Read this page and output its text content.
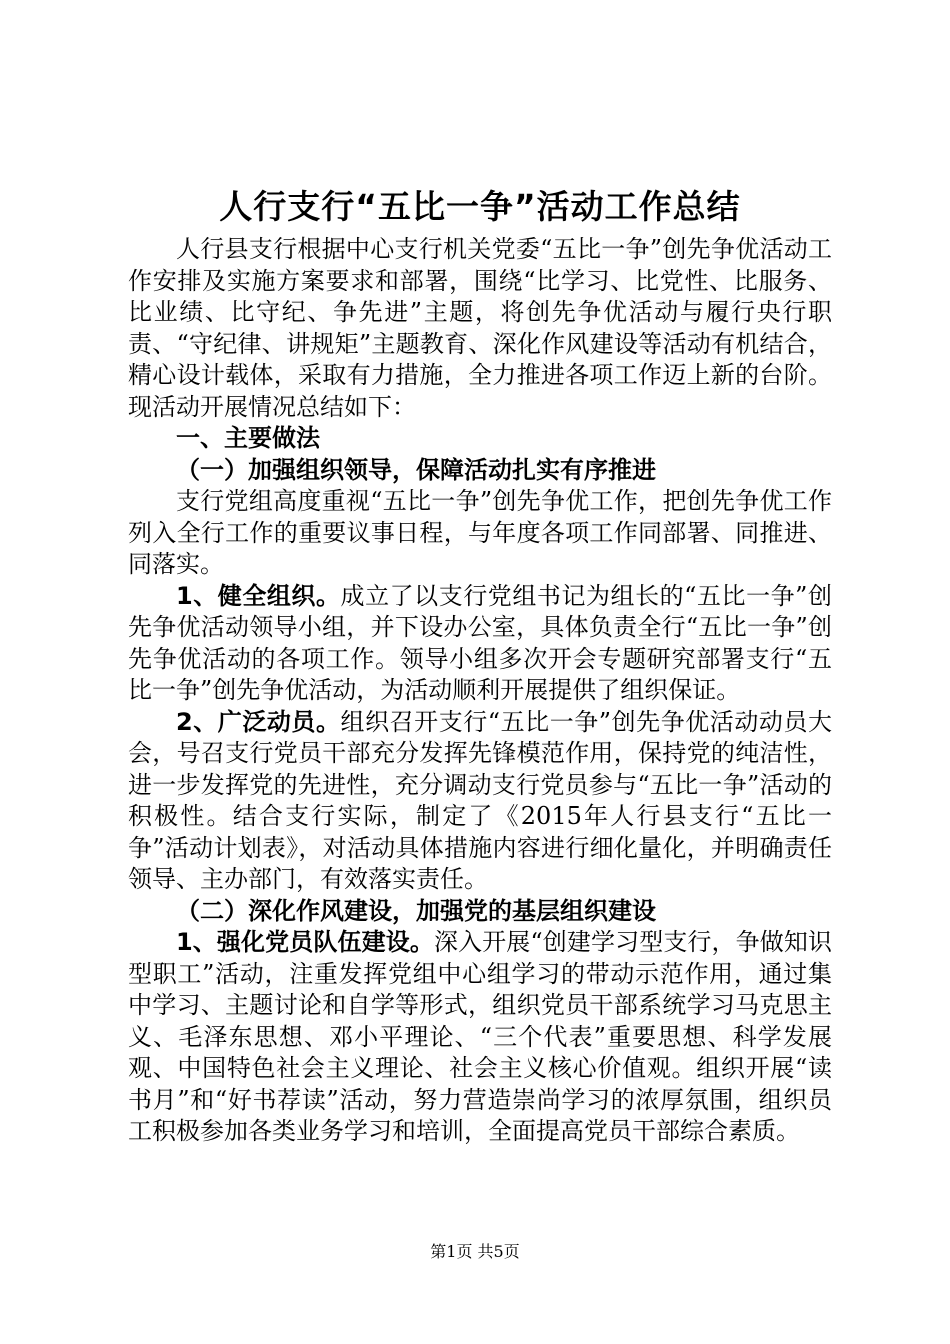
人行支行“五比一争”活动工作总结

人行县支行根据中心支行机关党委“五比一争”创先争优活动工作安排及实施方案要求和部署，围绕“比学习、比党性、比服务、比业绩、比守纪、争先进”主题，将创先争优活动与履行央行职责、“守纪律、讲规矩”主题教育、深化作风建设等活动有机结合，精心设计载体，采取有力措施，全力推进各项工作迈上新的台阶。现活动开展情况总结如下：

一、主要做法

（一）加强组织领导，保障活动扎实有序推进

支行党组高度重视“五比一争”创先争优工作，把创先争优工作列入全行工作的重要议事日程，与年度各项工作同部署、同推进、同落实。

1、健全组织。成立了以支行党组书记为组长的“五比一争”创先争优活动领导小组，并下设办公室，具体负责全行“五比一争”创先争优活动的各项工作。领导小组多次开会专题研究部署支行“五比一争”创先争优活动，为活动顺利开展提供了组织保证。

2、广泛动员。组织召开支行“五比一争”创先争优活动动员大会，号召支行党员干部充分发挥先锋模范作用，保持党的纯洁性，进一步发挥党的先进性，充分调动支行党员参与“五比一争”活动的积极性。结合支行实际，制定了《2015年人行县支行“五比一争”活动计划表》，对活动具体措施内容进行细化量化，并明确责任领导、主办部门，有效落实责任。

（二）深化作风建设，加强党的基层组织建设

1、强化党员队伍建设。深入开展“创建学习型支行，争做知识型职工”活动，注重发挥党组中心组学习的带动示范作用，通过集中学习、主题讨论和自学等形式，组织党员干部系统学习马克思主义、毛泽东思想、邓小平理论、“三个代表”重要思想、科学发展观、中国特色社会主义理论、社会主义核心价值观。组织开展“读书月”和“好书荐读”活动，努力营造崇尚学习的浓厚氛围，组织员工积极参加各类业务学习和培训，全面提高党员干部综合素质。

第1页 共5页
